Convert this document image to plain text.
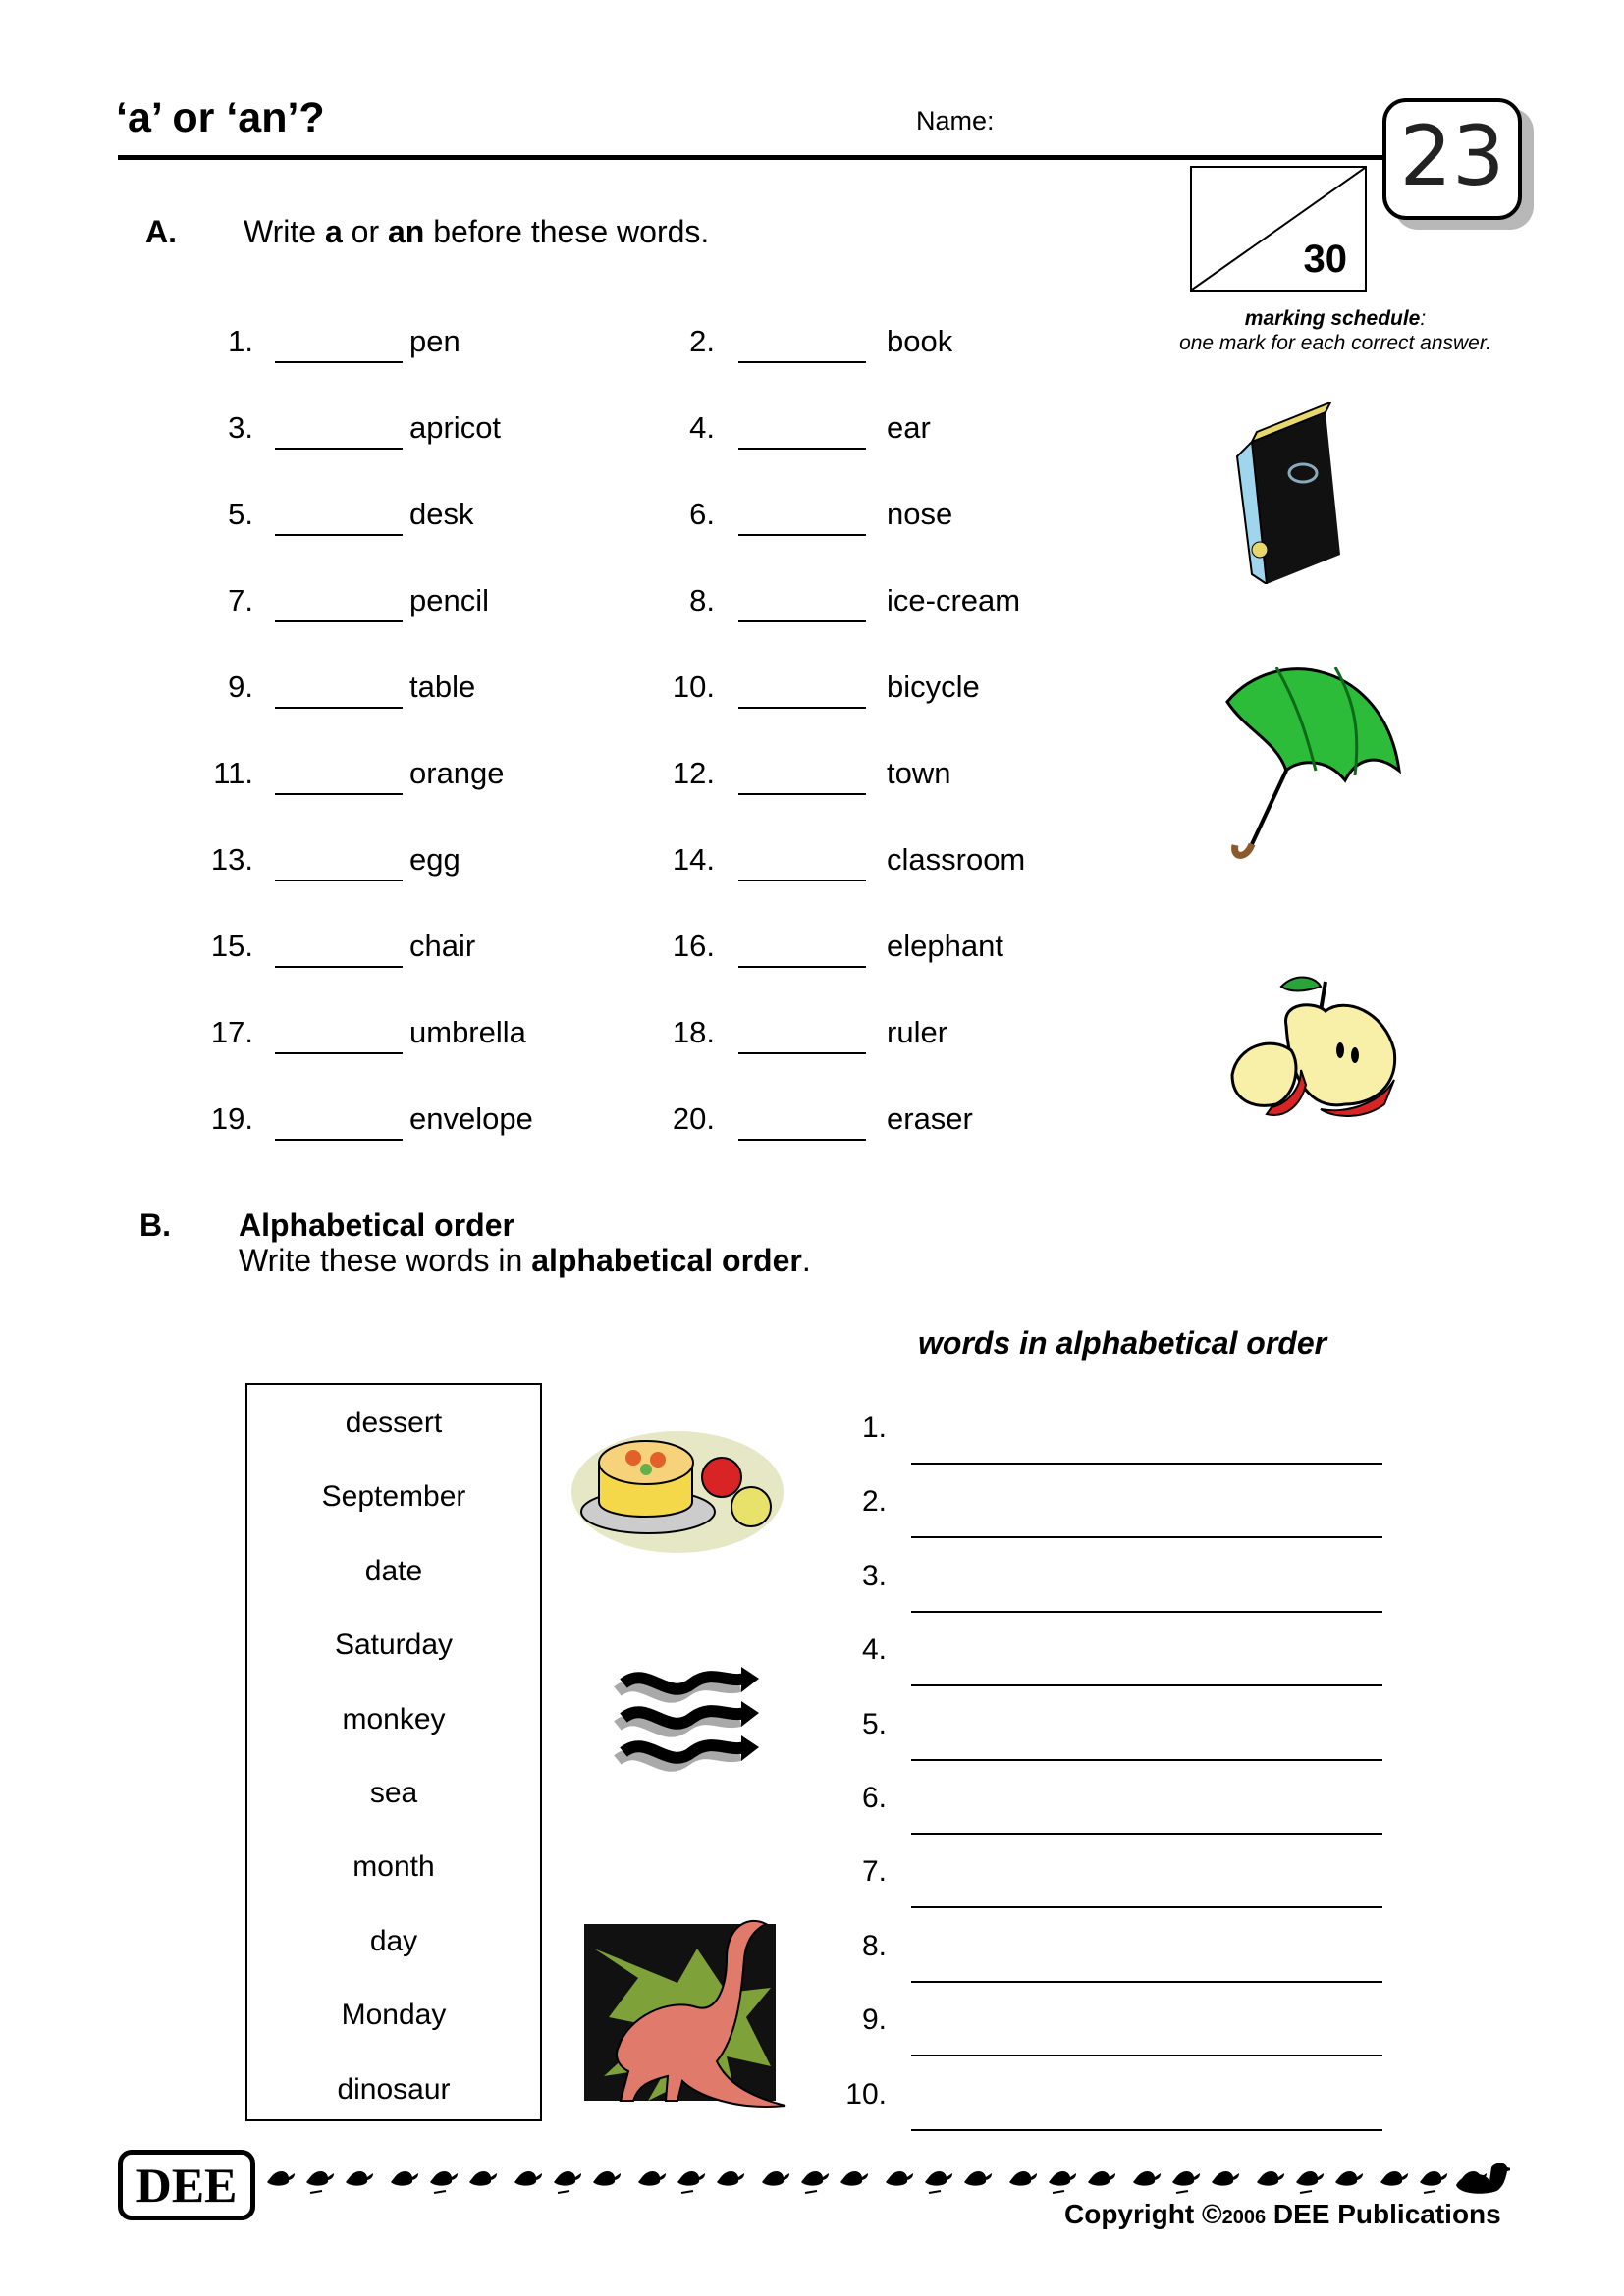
‘a’ or ‘an’?	Name:	23
30
marking schedule:
one mark for each correct answer.
A. Write a or an before these words.
1.	pen	2.	book
3.	apricot	4.	ear
5.	desk	6.	nose
7.	pencil	8.	ice-cream
9.	table	10.	bicycle
11.	orange	12.	town
13.	egg	14.	classroom
15.	chair	16.	elephant
17.	umbrella	18.	ruler
19.	envelope	20.	eraser
B. Alphabetical order
Write these words in alphabetical order.
words in alphabetical order
dessert
September
date
Saturday
monkey
sea
month
day
Monday
dinosaur
1.
2.
3.
4.
5.
6.
7.
8.
9.
10.
DEE
Copyright ©2006 DEE Publications
